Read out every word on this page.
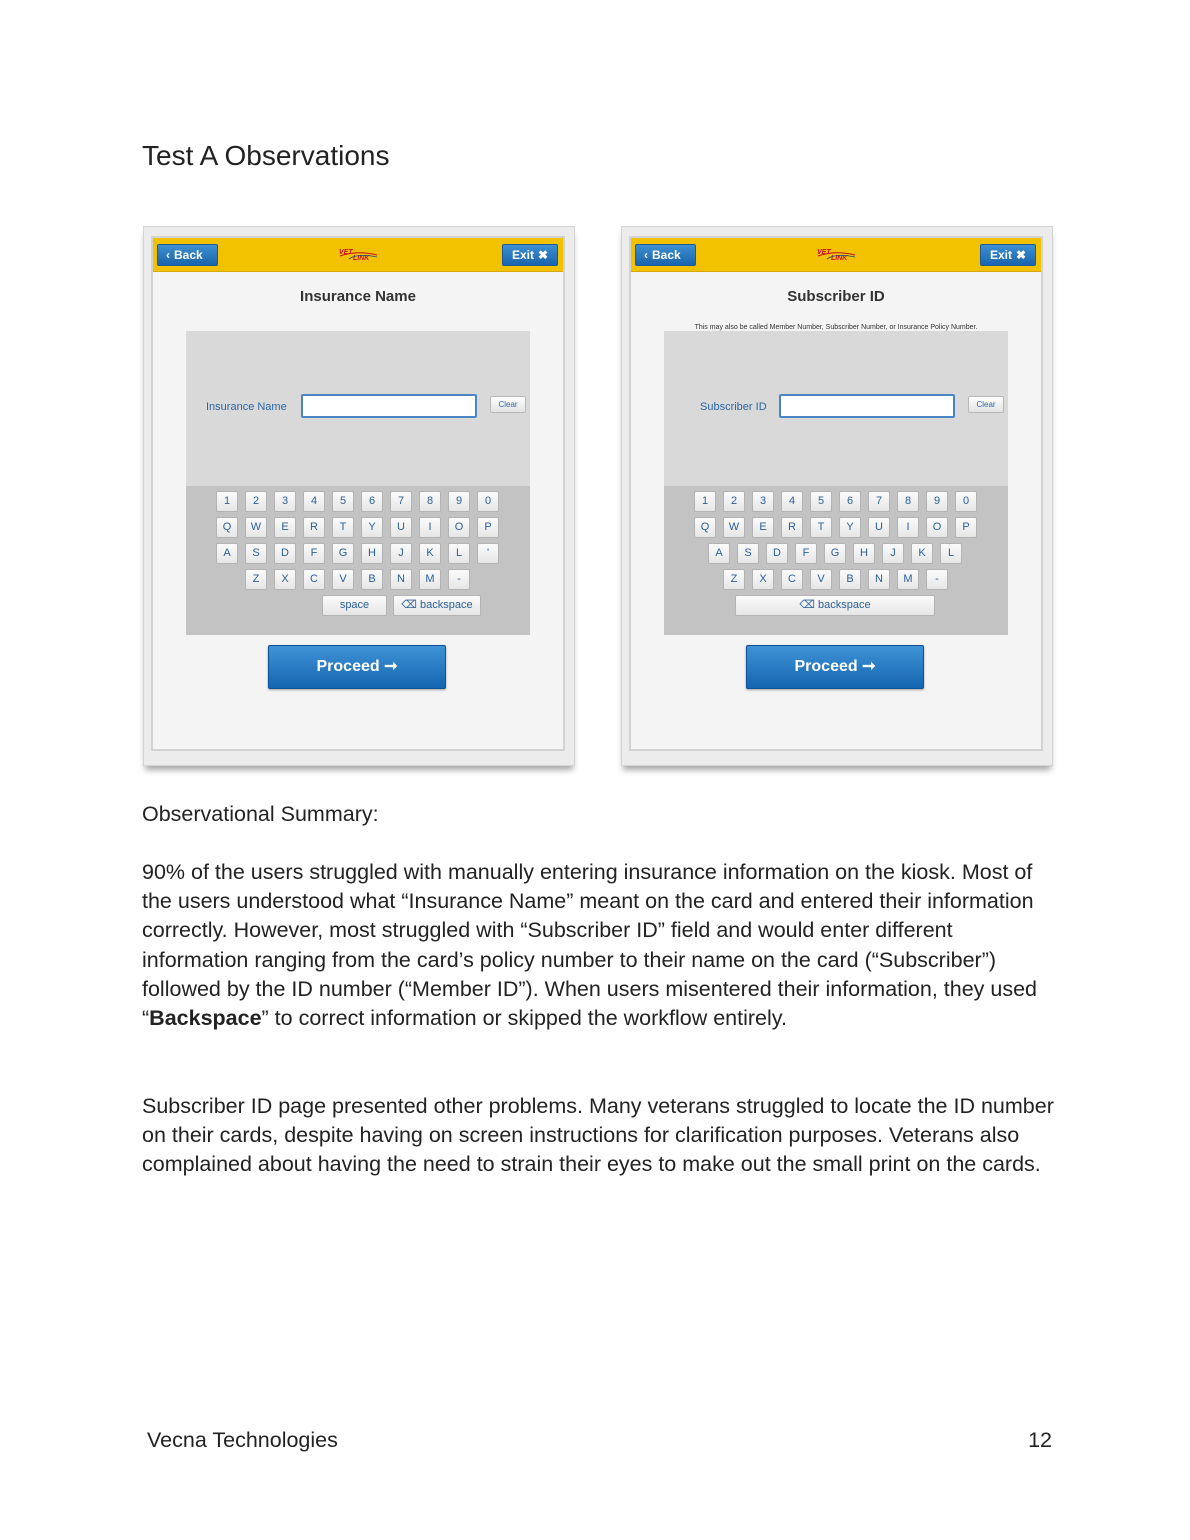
Test A Observations
‹ Back	VET
LINK	Exit ✖
Insurance Name
Insurance Name	Clear
1	2	3	4	5	6	7	8	9	0
Q	W	E	R	T	Y	U	I	O	P
A	S	D	F	G	H	J	K	L	'
Z	X	C	V	B	N	M	-
space	⌫ backspace
Proceed ➞
‹ Back	VET
LINK	Exit ✖
Subscriber ID
This may also be called Member Number, Subscriber Number, or Insurance Policy Number.
Subscriber ID	Clear
1	2	3	4	5	6	7	8	9	0
Q	W	E	R	T	Y	U	I	O	P
A	S	D	F	G	H	J	K	L
Z	X	C	V	B	N	M	-
⌫ backspace
Proceed ➞

Observational Summary:

90% of the users struggled with manually entering insurance information on the kiosk. Most of the users understood what “Insurance Name” meant on the card and entered their information correctly. However, most struggled with “Subscriber ID” field and would enter different information ranging from the card’s policy number to their name on the card (“Subscriber”) followed by the ID number (“Member ID”). When users misentered their information, they used “Backspace” to correct information or skipped the workflow entirely.

Subscriber ID page presented other problems. Many veterans struggled to locate the ID number on their cards, despite having on screen instructions for clarification purposes. Veterans also complained about having the need to strain their eyes to make out the small print on the cards.

Vecna Technologies	12
